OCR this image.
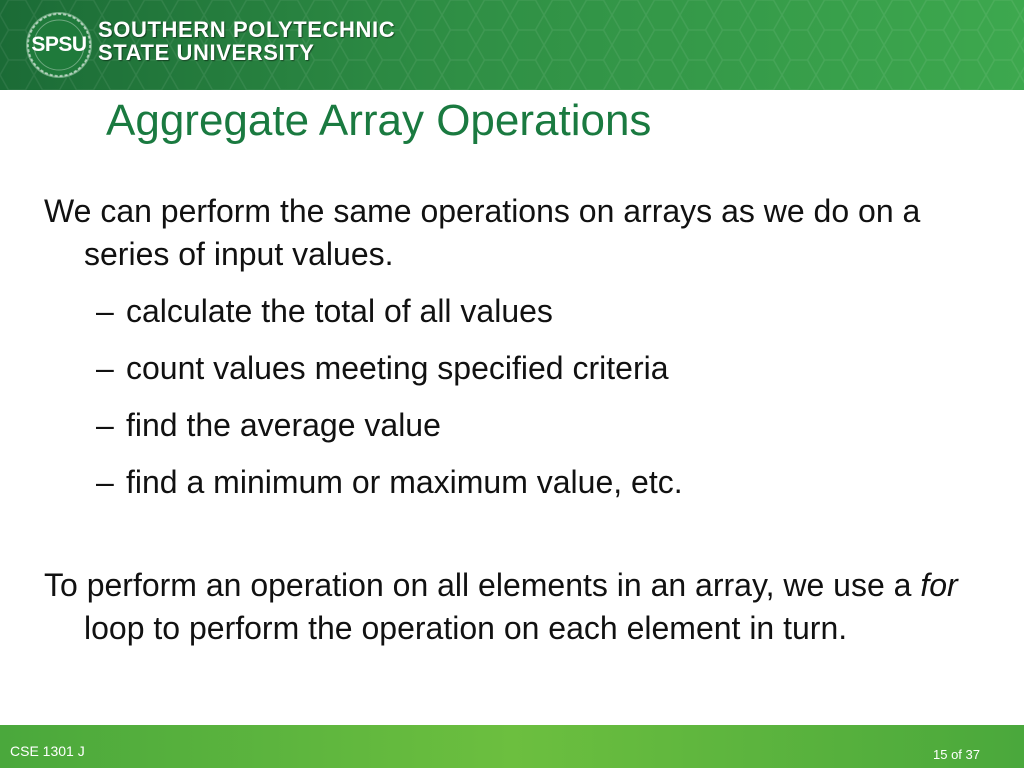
SPSU
SOUTHERN POLYTECHNIC
STATE UNIVERSITY
Aggregate Array Operations
We can perform the same operations on arrays as we do on a series of input values.
– calculate the total of all values
– count values meeting specified criteria
– find the average value
– find a minimum or maximum value, etc.
To perform an operation on all elements in an array, we use a for loop to perform the operation on each element in turn.
CSE 1301 J	15 of 37
